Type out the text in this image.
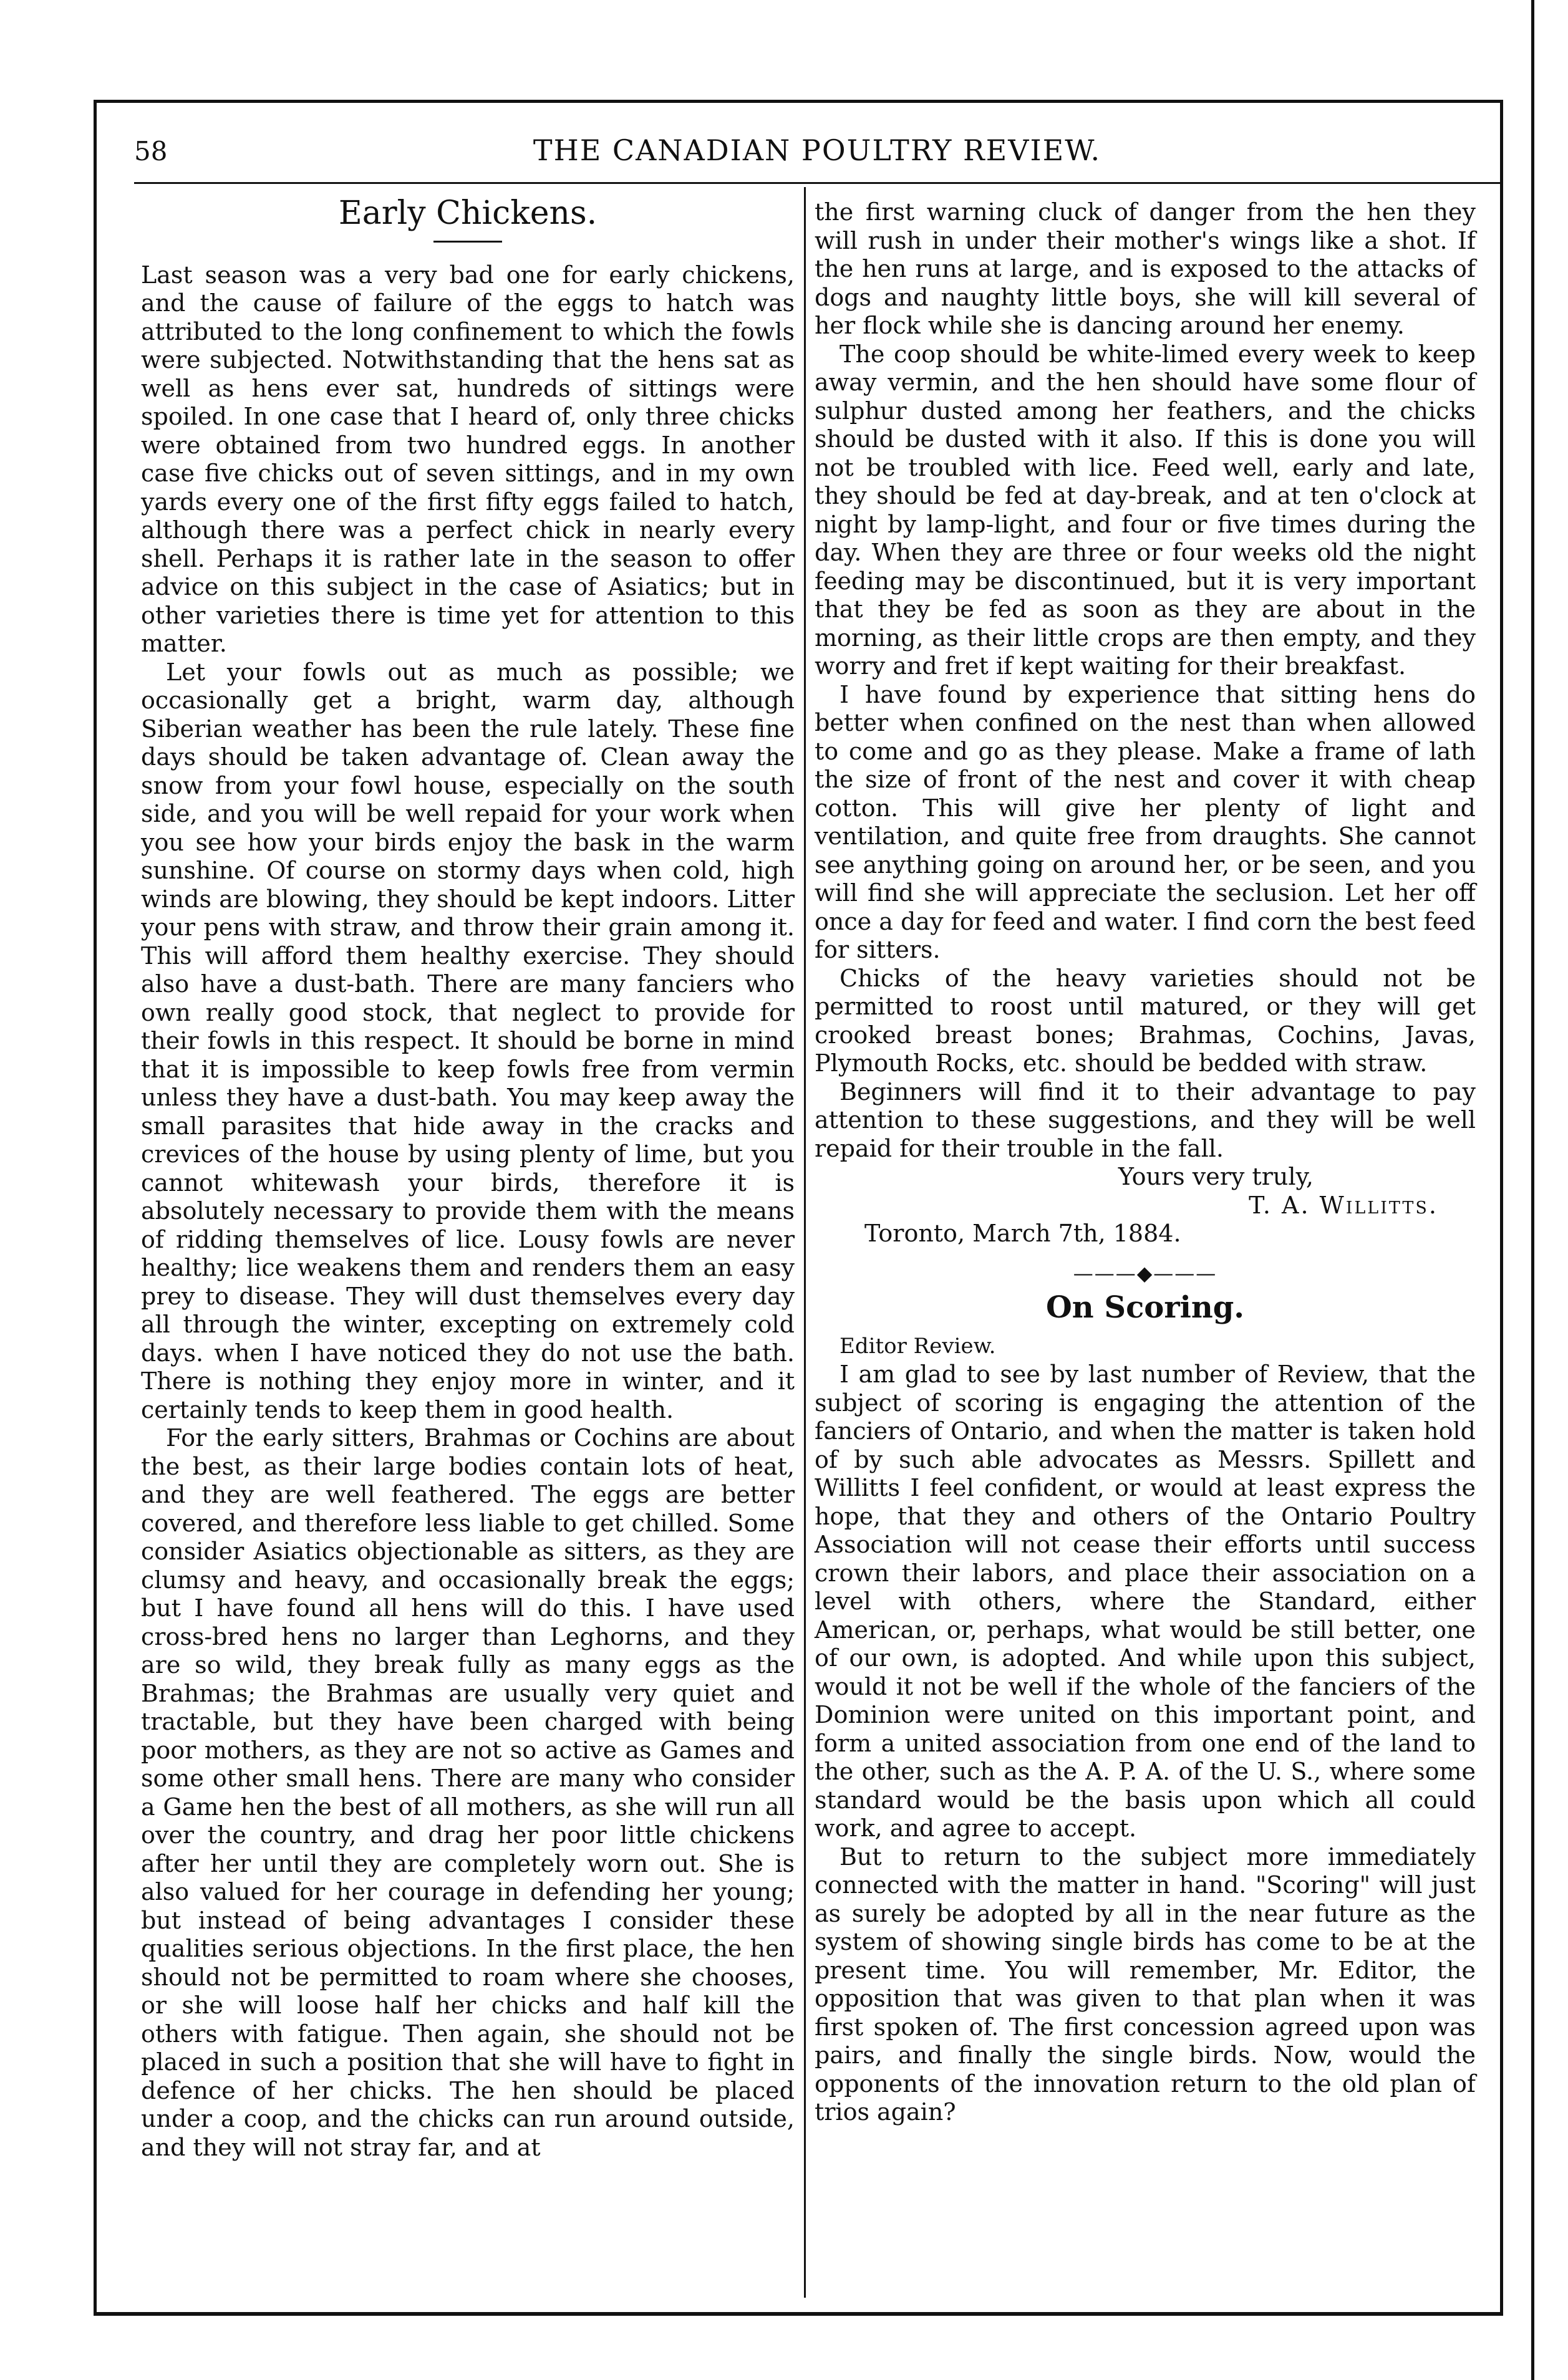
58	THE CANADIAN POULTRY REVIEW.
Early Chickens.

Last season was a very bad one for early chickens, and the cause of failure of the eggs to hatch was attributed to the long confinement to which the fowls were subjected. Notwithstanding that the hens sat as well as hens ever sat, hundreds of sittings were spoiled. In one case that I heard of, only three chicks were obtained from two hundred eggs. In another case five chicks out of seven sittings, and in my own yards every one of the first fifty eggs failed to hatch, although there was a perfect chick in nearly every shell. Perhaps it is rather late in the season to offer advice on this subject in the case of Asiatics; but in other varieties there is time yet for attention to this matter.

Let your fowls out as much as possible; we occasionally get a bright, warm day, although Siberian weather has been the rule lately. These fine days should be taken advantage of. Clean away the snow from your fowl house, especially on the south side, and you will be well repaid for your work when you see how your birds enjoy the bask in the warm sunshine. Of course on stormy days when cold, high winds are blowing, they should be kept indoors. Litter your pens with straw, and throw their grain among it. This will afford them healthy exercise. They should also have a dust-bath. There are many fanciers who own really good stock, that neglect to provide for their fowls in this respect. It should be borne in mind that it is impossible to keep fowls free from vermin unless they have a dust-bath. You may keep away the small parasites that hide away in the cracks and crevices of the house by using plenty of lime, but you cannot whitewash your birds, therefore it is absolutely necessary to provide them with the means of ridding themselves of lice. Lousy fowls are never healthy; lice weakens them and renders them an easy prey to disease. They will dust themselves every day all through the winter, excepting on extremely cold days. when I have noticed they do not use the bath. There is nothing they enjoy more in winter, and it certainly tends to keep them in good health.

For the early sitters, Brahmas or Cochins are about the best, as their large bodies contain lots of heat, and they are well feathered. The eggs are better covered, and therefore less liable to get chilled. Some consider Asiatics objectionable as sitters, as they are clumsy and heavy, and occasionally break the eggs; but I have found all hens will do this. I have used cross-bred hens no larger than Leghorns, and they are so wild, they break fully as many eggs as the Brahmas; the Brahmas are usually very quiet and tractable, but they have been charged with being poor mothers, as they are not so active as Games and some other small hens. There are many who consider a Game hen the best of all mothers, as she will run all over the country, and drag her poor little chickens after her until they are completely worn out. She is also valued for her courage in defending her young; but instead of being advantages I consider these qualities serious objections. In the first place, the hen should not be permitted to roam where she chooses, or she will loose half her chicks and half kill the others with fatigue. Then again, she should not be placed in such a position that she will have to fight in defence of her chicks. The hen should be placed under a coop, and the chicks can run around outside, and they will not stray far, and at

the first warning cluck of danger from the hen they will rush in under their mother's wings like a shot. If the hen runs at large, and is exposed to the attacks of dogs and naughty little boys, she will kill several of her flock while she is dancing around her enemy.

The coop should be white-limed every week to keep away vermin, and the hen should have some flour of sulphur dusted among her feathers, and the chicks should be dusted with it also. If this is done you will not be troubled with lice. Feed well, early and late, they should be fed at day-break, and at ten o'clock at night by lamp-light, and four or five times during the day. When they are three or four weeks old the night feeding may be discontinued, but it is very important that they be fed as soon as they are about in the morning, as their little crops are then empty, and they worry and fret if kept waiting for their breakfast.

I have found by experience that sitting hens do better when confined on the nest than when allowed to come and go as they please. Make a frame of lath the size of front of the nest and cover it with cheap cotton. This will give her plenty of light and ventilation, and quite free from draughts. She cannot see anything going on around her, or be seen, and you will find she will appreciate the seclusion. Let her off once a day for feed and water. I find corn the best feed for sitters.

Chicks of the heavy varieties should not be permitted to roost until matured, or they will get crooked breast bones; Brahmas, Cochins, Javas, Plymouth Rocks, etc. should be bedded with straw.

Beginners will find it to their advantage to pay attention to these suggestions, and they will be well repaid for their trouble in the fall.

Yours very truly,

T. A. Willitts.

Toronto, March 7th, 1884.

———◆———
On Scoring.

Editor Review.

I am glad to see by last number of Review, that the subject of scoring is engaging the attention of the fanciers of Ontario, and when the matter is taken hold of by such able advocates as Messrs. Spillett and Willitts I feel confident, or would at least express the hope, that they and others of the Ontario Poultry Association will not cease their efforts until success crown their labors, and place their association on a level with others, where the Standard, either American, or, perhaps, what would be still better, one of our own, is adopted. And while upon this subject, would it not be well if the whole of the fanciers of the Dominion were united on this important point, and form a united association from one end of the land to the other, such as the A. P. A. of the U. S., where some standard would be the basis upon which all could work, and agree to accept.

But to return to the subject more immediately connected with the matter in hand. "Scoring" will just as surely be adopted by all in the near future as the system of showing single birds has come to be at the present time. You will remember, Mr. Editor, the opposition that was given to that plan when it was first spoken of. The first concession agreed upon was pairs, and finally the single birds. Now, would the opponents of the innovation return to the old plan of trios again?
